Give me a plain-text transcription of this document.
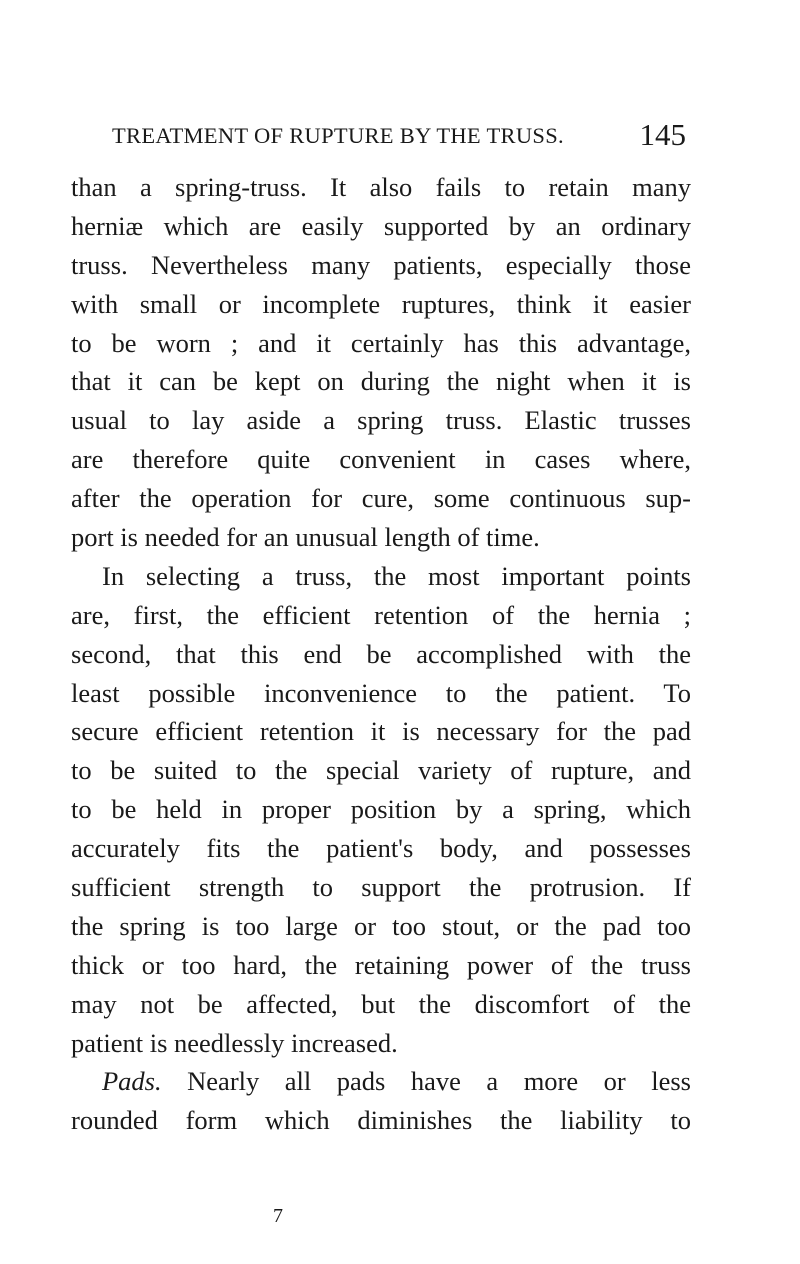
TREATMENT OF RUPTURE BY THE TRUSS. 145
than a spring-truss. It also fails to retain many
herniæ which are easily supported by an ordinary
truss. Nevertheless many patients, especially those
with small or incomplete ruptures, think it easier
to be worn ; and it certainly has this advantage,
that it can be kept on during the night when it is
usual to lay aside a spring truss. Elastic trusses
are therefore quite convenient in cases where,
after the operation for cure, some continuous sup-
port is needed for an unusual length of time.
In selecting a truss, the most important points
are, first, the efficient retention of the hernia ;
second, that this end be accomplished with the
least possible inconvenience to the patient. To
secure efficient retention it is necessary for the pad
to be suited to the special variety of rupture, and
to be held in proper position by a spring, which
accurately fits the patient's body, and possesses
sufficient strength to support the protrusion. If
the spring is too large or too stout, or the pad too
thick or too hard, the retaining power of the truss
may not be affected, but the discomfort of the
patient is needlessly increased.
Pads. Nearly all pads have a more or less
rounded form which diminishes the liability to
7
